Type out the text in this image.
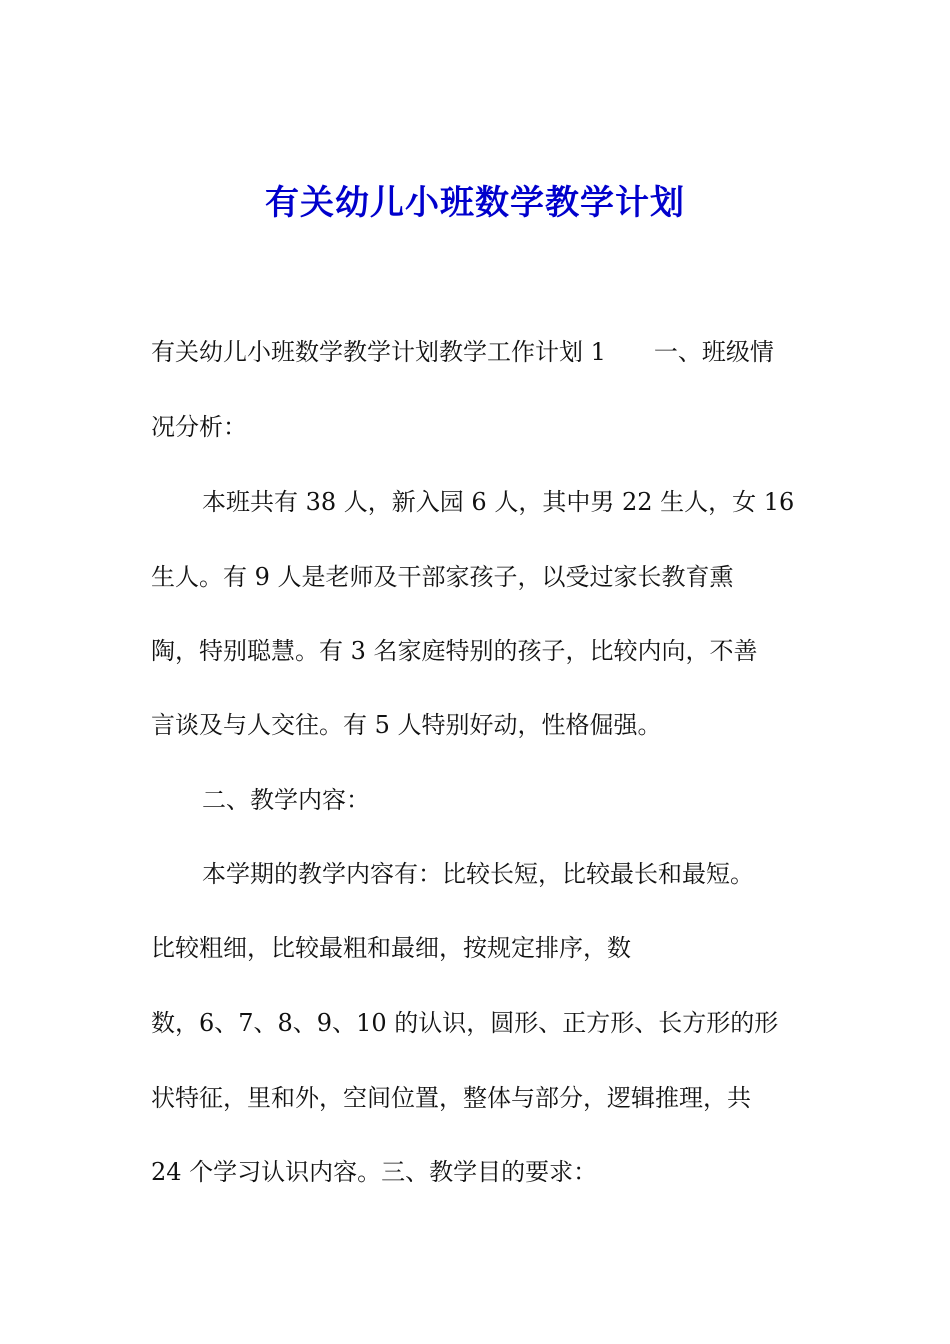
有关幼儿小班数学教学计划
有关幼儿小班数学教学计划教学工作计划 1　　一、班级情
况分析：
本班共有 38 人，新入园 6 人，其中男 22 生人，女 16
生人。有 9 人是老师及干部家孩子，以受过家长教育熏
陶，特别聪慧。有 3 名家庭特别的孩子，比较内向，不善
言谈及与人交往。有 5 人特别好动，性格倔强。
二、教学内容：
本学期的教学内容有：比较长短，比较最长和最短。
比较粗细，比较最粗和最细，按规定排序，数
数，6、7、8、9、10 的认识，圆形、正方形、长方形的形
状特征，里和外，空间位置，整体与部分，逻辑推理，共
24 个学习认识内容。三、教学目的要求：
